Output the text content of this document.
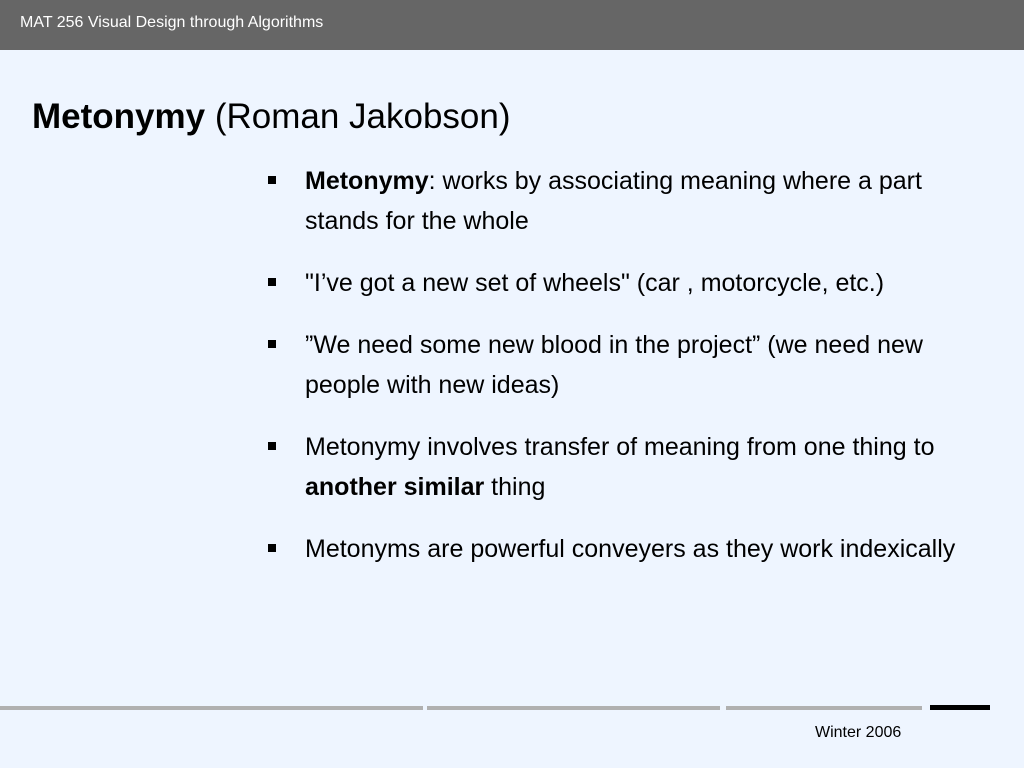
MAT 256 Visual Design through Algorithms
Metonymy (Roman Jakobson)
Metonymy: works by associating meaning where a part stands for the whole
"I’ve got a new set of wheels" (car , motorcycle, etc.)
”We need some new blood in the project” (we need new people with new ideas)
Metonymy involves transfer of meaning from one thing to another similar thing
Metonyms are powerful conveyers as they work indexically
Winter 2006
